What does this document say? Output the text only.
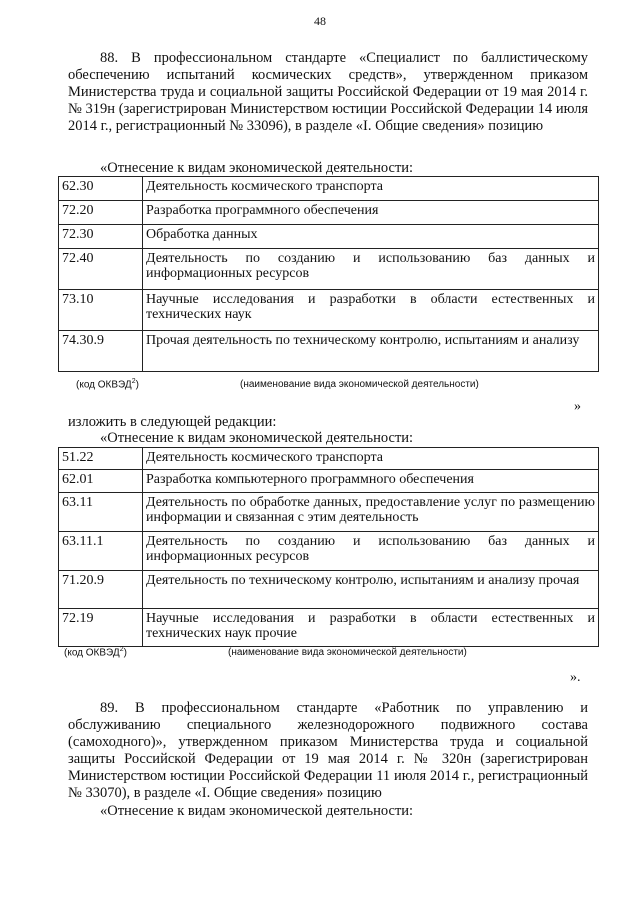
48
88. В профессиональном стандарте «Специалист по баллистическому обеспечению испытаний космических средств», утвержденном приказом Министерства труда и социальной защиты Российской Федерации от 19 мая 2014 г. № 319н (зарегистрирован Министерством юстиции Российской Федерации 14 июля 2014 г., регистрационный № 33096), в разделе «I. Общие сведения» позицию
«Отнесение к видам экономической деятельности:
62.30	Деятельность космического транспорта
72.20	Разработка программного обеспечения
72.30	Обработка данных
72.40	Деятельность по созданию и использованию баз данных и информационных ресурсов
73.10	Научные исследования и разработки в области естественных и технических наук
74.30.9	Прочая деятельность по техническому контролю, испытаниям и анализу
(код ОКВЭД$^2$)	(наименование вида экономической деятельности)
»
изложить в следующей редакции:
«Отнесение к видам экономической деятельности:
51.22	Деятельность космического транспорта
62.01	Разработка компьютерного программного обеспечения
63.11	Деятельность по обработке данных, предоставление услуг по размещению информации и связанная с этим деятельность
63.11.1	Деятельность по созданию и использованию баз данных и информационных ресурсов
71.20.9	Деятельность по техническому контролю, испытаниям и анализу прочая
72.19	Научные исследования и разработки в области естественных и технических наук прочие
(код ОКВЭД$^2$)	(наименование вида экономической деятельности)
».
89. В профессиональном стандарте «Работник по управлению и обслуживанию специального железнодорожного подвижного состава (самоходного)», утвержденном приказом Министерства труда и социальной защиты Российской Федерации от 19 мая 2014 г. № 320н (зарегистрирован Министерством юстиции Российской Федерации 11 июля 2014 г., регистрационный № 33070), в разделе «I. Общие сведения» позицию
«Отнесение к видам экономической деятельности:
